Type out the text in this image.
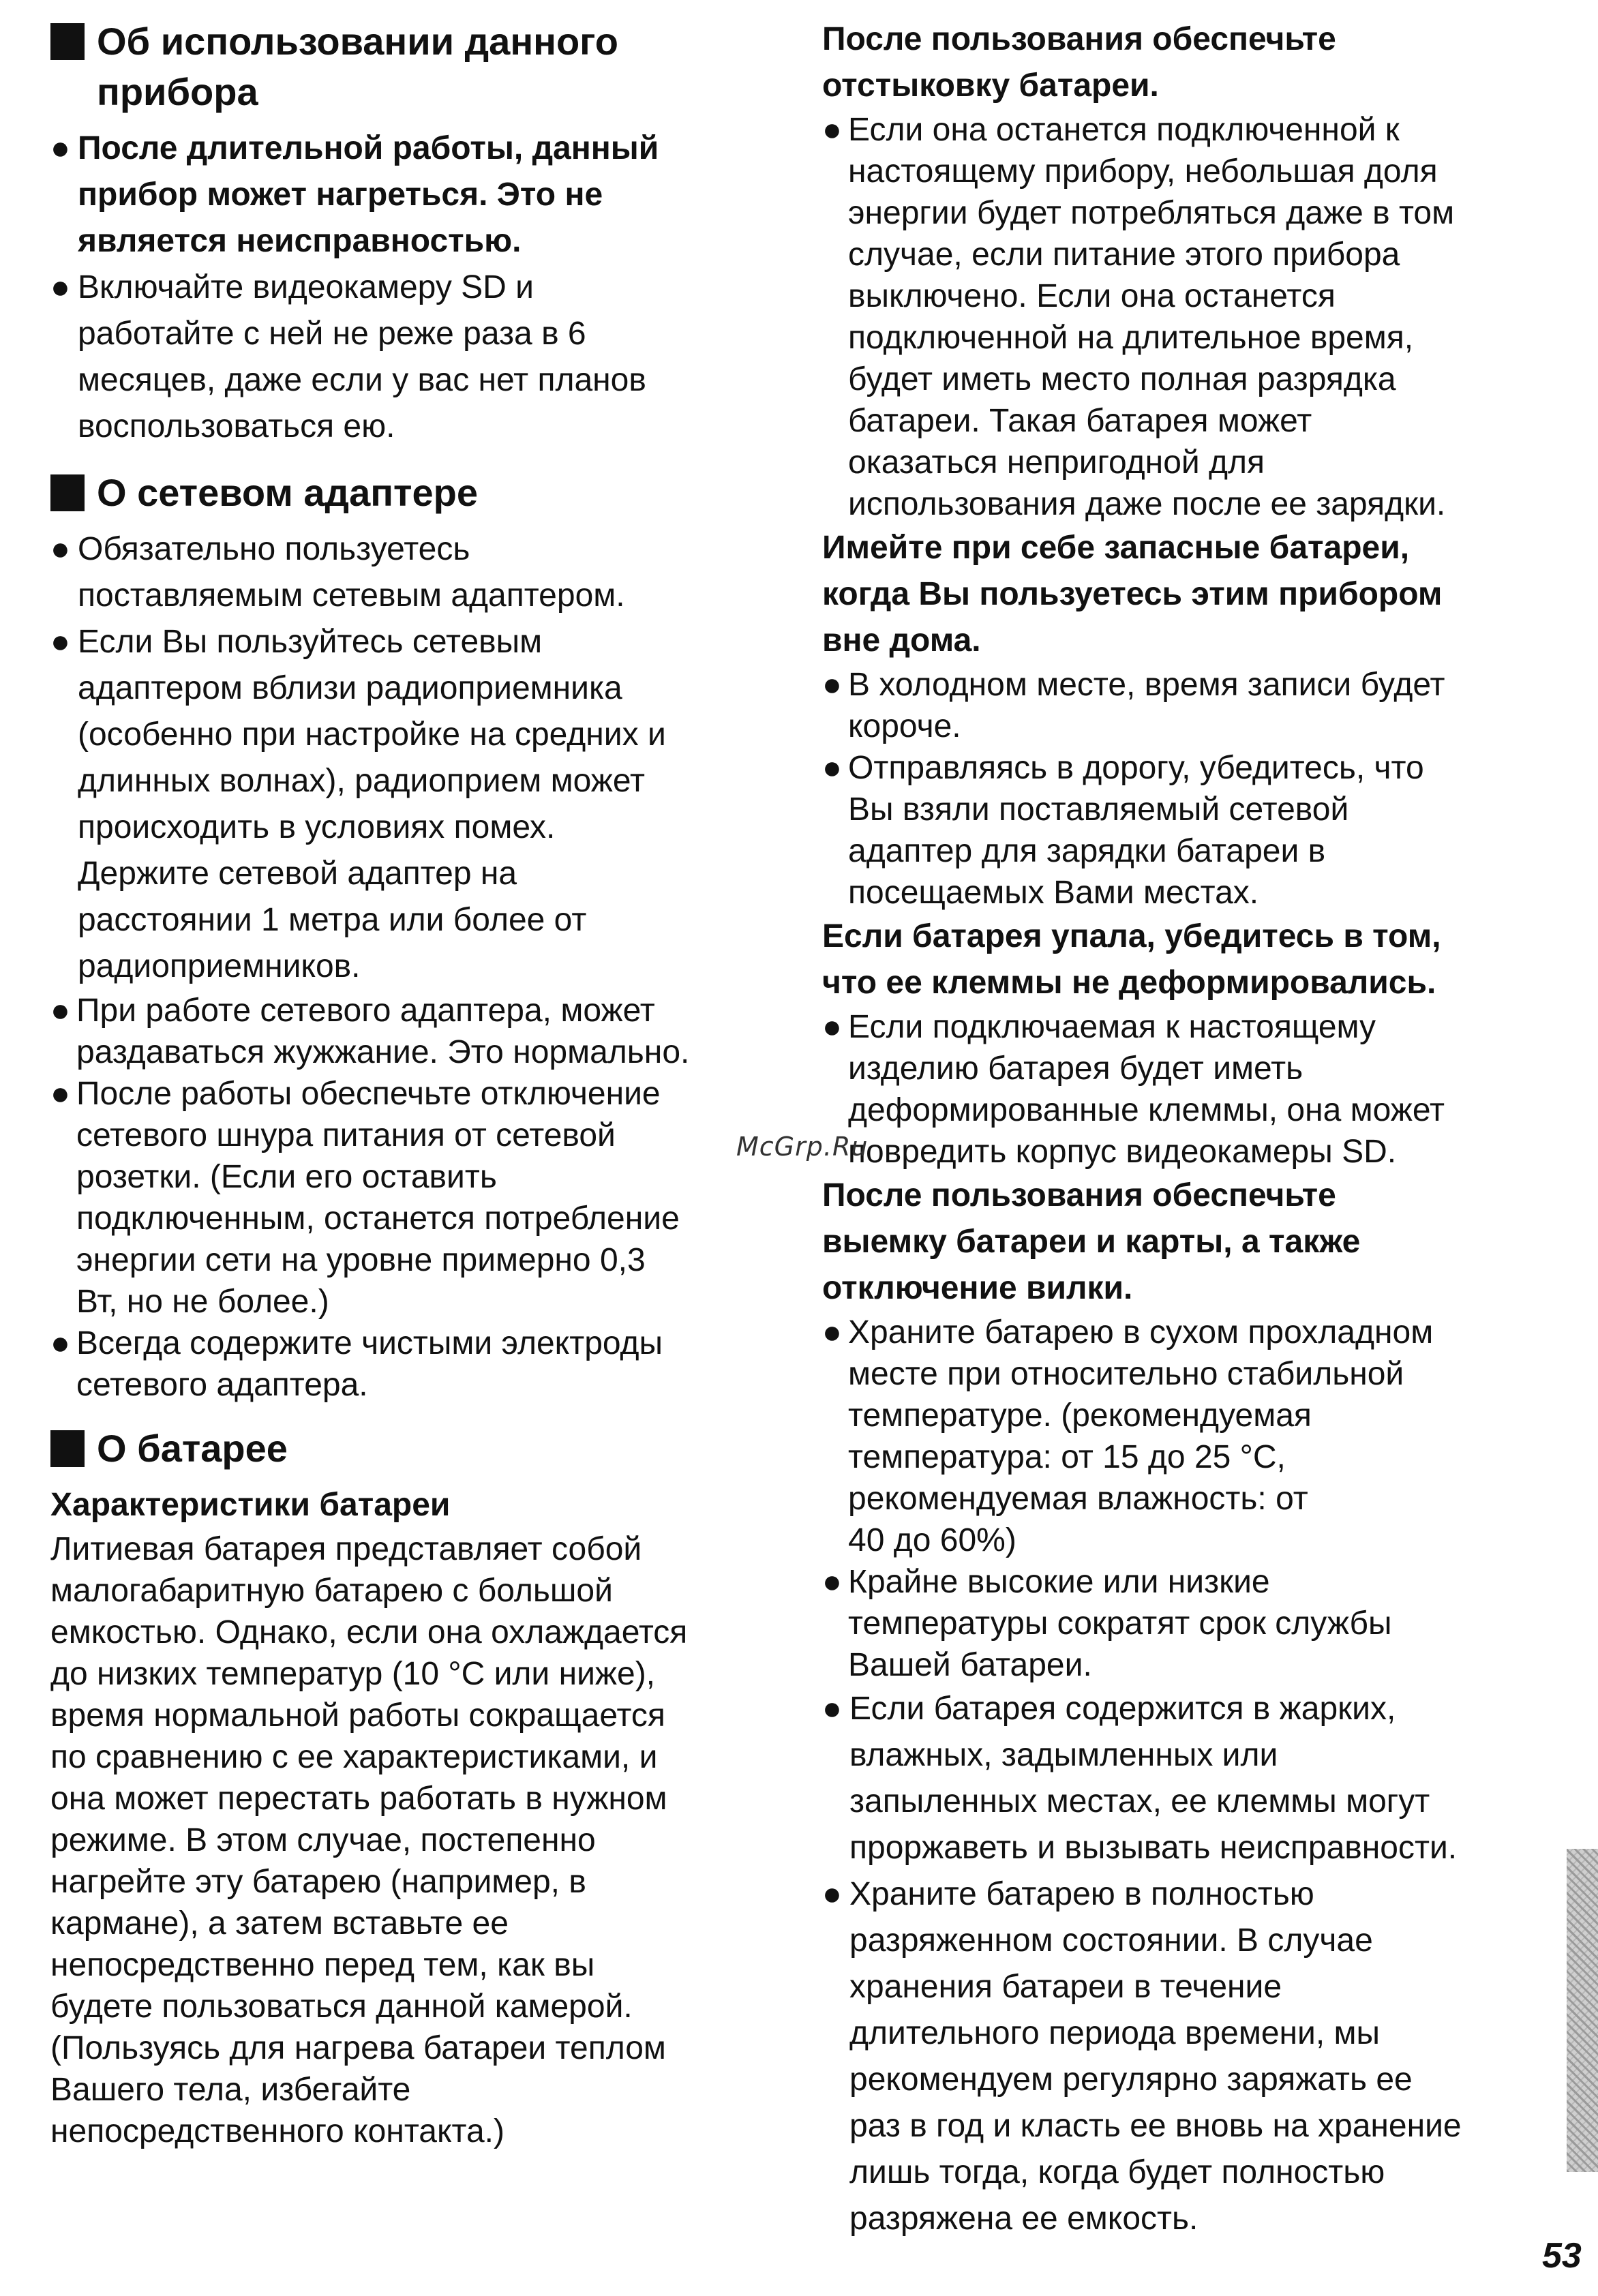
Об использовании данного
прибора
● После длительной работы, данный
прибор может нагреться. Это не
является неисправностью.
● Включайте видеокамеру SD и
работайте с ней не реже раза в 6
месяцев, даже если у вас нет планов
воспользоваться ею.
О сетевом адаптере
● Обязательно пользуетесь
поставляемым сетевым адаптером.
● Если Вы пользуйтесь сетевым
адаптером вблизи радиоприемника
(особенно при настройке на средних и
длинных волнах), радиоприем может
происходить в условиях помех.
Держите сетевой адаптер на
расстоянии 1 метра или более от
радиоприемников.
● При работе сетевого адаптера, может
раздаваться жужжание. Это нормально.
● После работы обеспечьте отключение
сетевого шнура питания от сетевой
розетки. (Если его оставить
подключенным, останется потребление
энергии сети на уровне примерно 0,3
Вт, но не более.)
● Всегда содержите чистыми электроды
сетевого адаптера.
О батарее
Характеристики батареи
Литиевая батарея представляет собой
малогабаритную батарею с большой
емкостью. Однако, если она охлаждается
до низких температур (10 °C или ниже),
время нормальной работы сокращается
по сравнению с ее характеристиками, и
она может перестать работать в нужном
режиме. В этом случае, постепенно
нагрейте эту батарею (например, в
кармане), а затем вставьте ее
непосредственно перед тем, как вы
будете пользоваться данной камерой.
(Пользуясь для нагрева батареи теплом
Вашего тела, избегайте
непосредственного контакта.)
После пользования обеспечьте
отстыковку батареи.
● Если она останется подключенной к
настоящему прибору, небольшая доля
энергии будет потребляться даже в том
случае, если питание этого прибора
выключено. Если она останется
подключенной на длительное время,
будет иметь место полная разрядка
батареи. Такая батарея может
оказаться непригодной для
использования даже после ее зарядки.
Имейте при себе запасные батареи,
когда Вы пользуетесь этим прибором
вне дома.
● В холодном месте, время записи будет
короче.
● Отправляясь в дорогу, убедитесь, что
Вы взяли поставляемый сетевой
адаптер для зарядки батареи в
посещаемых Вами местах.
Если батарея упала, убедитесь в том,
что ее клеммы не деформировались.
● Если подключаемая к настоящему
изделию батарея будет иметь
деформированные клеммы, она может
повредить корпус видеокамеры SD.
После пользования обеспечьте
выемку батареи и карты, а также
отключение вилки.
● Храните батарею в сухом прохладном
месте при относительно стабильной
температуре. (рекомендуемая
температура: от 15 до 25 °C,
рекомендуемая влажность: от
40 до 60%)
● Крайне высокие или низкие
температуры сократят срок службы
Вашей батареи.
● Если батарея содержится в жарких,
влажных, задымленных или
запыленных местах, ее клеммы могут
проржаветь и вызывать неисправности.
● Храните батарею в полностью
разряженном состоянии. В случае
хранения батареи в течение
длительного периода времени, мы
рекомендуем регулярно заряжать ее
раз в год и класть ее вновь на хранение
лишь тогда, когда будет полностью
разряжена ее емкость.
McGrp.Ru
53
